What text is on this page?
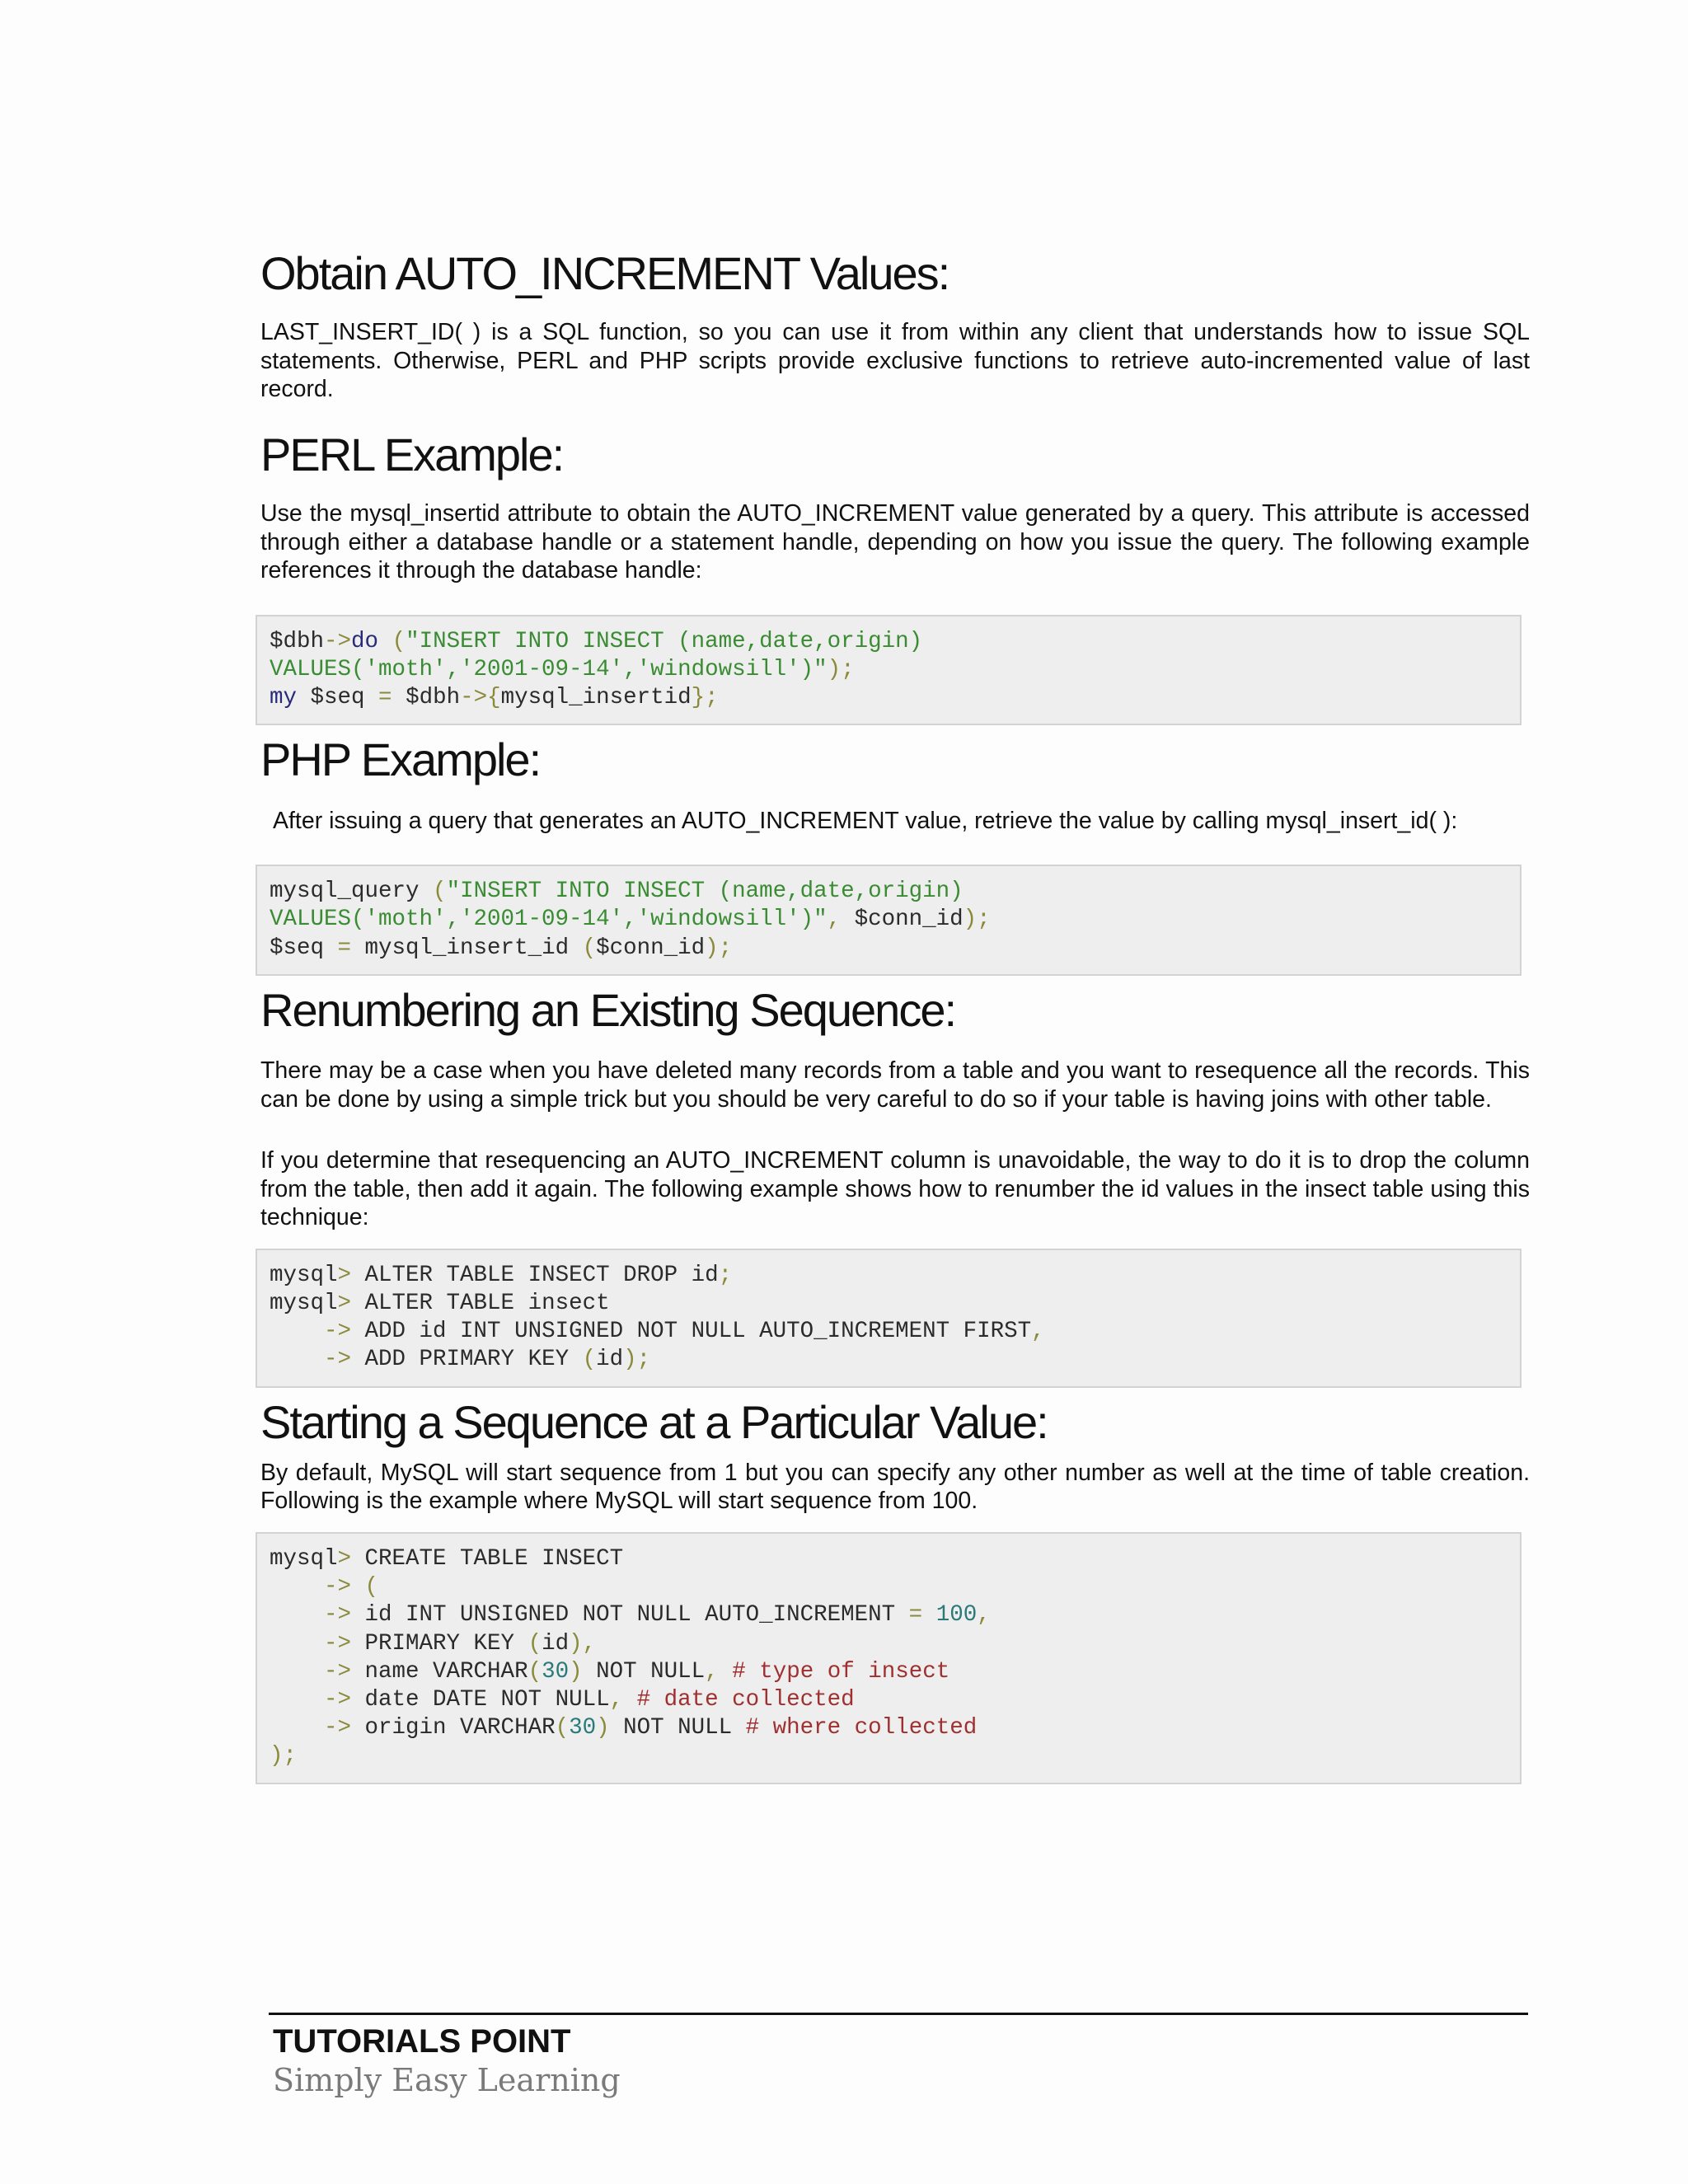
Obtain AUTO_INCREMENT Values:

LAST_INSERT_ID( ) is a SQL function, so you can use it from within any client that understands how to issue SQL statements. Otherwise, PERL and PHP scripts provide exclusive functions to retrieve auto-incremented value of last record.

PERL Example:

Use the mysql_insertid attribute to obtain the AUTO_INCREMENT value generated by a query. This attribute is accessed through either a database handle or a statement handle, depending on how you issue the query. The following example references it through the database handle:

$dbh->do ("INSERT INTO INSECT (name,date,origin)
VALUES('moth','2001-09-14','windowsill')");
my $seq = $dbh->{mysql_insertid};
PHP Example:

After issuing a query that generates an AUTO_INCREMENT value, retrieve the value by calling mysql_insert_id( ):

mysql_query ("INSERT INTO INSECT (name,date,origin)
VALUES('moth','2001-09-14','windowsill')", $conn_id);
$seq = mysql_insert_id ($conn_id);
Renumbering an Existing Sequence:

There may be a case when you have deleted many records from a table and you want to resequence all the records. This can be done by using a simple trick but you should be very careful to do so if your table is having joins with other table.

If you determine that resequencing an AUTO_INCREMENT column is unavoidable, the way to do it is to drop the column from the table, then add it again. The following example shows how to renumber the id values in the insect table using this technique:

mysql> ALTER TABLE INSECT DROP id;
mysql> ALTER TABLE insect
-> ADD id INT UNSIGNED NOT NULL AUTO_INCREMENT FIRST,
-> ADD PRIMARY KEY (id);
Starting a Sequence at a Particular Value:

By default, MySQL will start sequence from 1 but you can specify any other number as well at the time of table creation. Following is the example where MySQL will start sequence from 100.

mysql> CREATE TABLE INSECT
-> (
-> id INT UNSIGNED NOT NULL AUTO_INCREMENT = 100,
-> PRIMARY KEY (id),
-> name VARCHAR(30) NOT NULL, # type of insect
-> date DATE NOT NULL, # date collected
-> origin VARCHAR(30) NOT NULL # where collected
);
TUTORIALS POINT
Simply Easy Learning
